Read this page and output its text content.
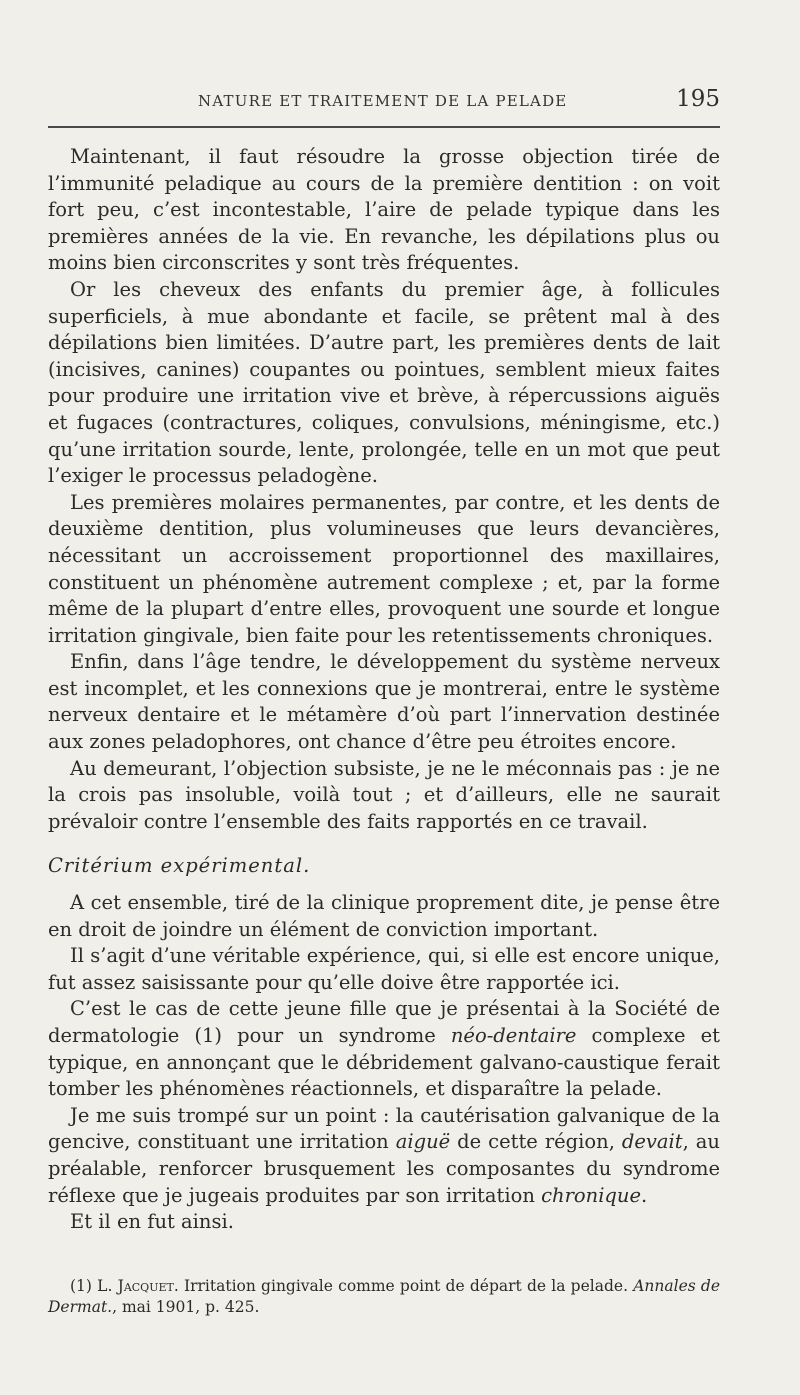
NATURE ET TRAITEMENT DE LA PELADE	195

Maintenant, il faut résoudre la grosse objection tirée de l’immunité peladique au cours de la première dentition : on voit fort peu, c’est incontestable, l’aire de pelade typique dans les premières années de la vie. En revanche, les dépilations plus ou moins bien circonscrites y sont très fréquentes.

Or les cheveux des enfants du premier âge, à follicules superficiels, à mue abondante et facile, se prêtent mal à des dépilations bien limitées. D’autre part, les premières dents de lait (incisives, canines) coupantes ou pointues, semblent mieux faites pour produire une irritation vive et brève, à répercussions aiguës et fugaces (contractures, coliques, convulsions, méningisme, etc.) qu’une irritation sourde, lente, prolongée, telle en un mot que peut l’exiger le processus peladogène.

Les premières molaires permanentes, par contre, et les dents de deuxième dentition, plus volumineuses que leurs devancières, nécessitant un accroissement proportionnel des maxillaires, constituent un phénomène autrement complexe ; et, par la forme même de la plupart d’entre elles, provoquent une sourde et longue irritation gingivale, bien faite pour les retentissements chroniques.

Enfin, dans l’âge tendre, le développement du système nerveux est incomplet, et les connexions que je montrerai, entre le système nerveux dentaire et le métamère d’où part l’innervation destinée aux zones peladophores, ont chance d’être peu étroites encore.

Au demeurant, l’objection subsiste, je ne le méconnais pas : je ne la crois pas insoluble, voilà tout ; et d’ailleurs, elle ne saurait prévaloir contre l’ensemble des faits rapportés en ce travail.

Critérium expérimental.

A cet ensemble, tiré de la clinique proprement dite, je pense être en droit de joindre un élément de conviction important.

Il s’agit d’une véritable expérience, qui, si elle est encore unique, fut assez saisissante pour qu’elle doive être rapportée ici.

C’est le cas de cette jeune fille que je présentai à la Société de dermatologie (1) pour un syndrome néo-dentaire complexe et typique, en annonçant que le débridement galvano-caustique ferait tomber les phénomènes réactionnels, et disparaître la pelade.

Je me suis trompé sur un point : la cautérisation galvanique de la gencive, constituant une irritation aiguë de cette région, devait, au préalable, renforcer brusquement les composantes du syndrome réflexe que je jugeais produites par son irritation chronique.

Et il en fut ainsi.

(1) L. Jacquet. Irritation gingivale comme point de départ de la pelade. Annales de Dermat., mai 1901, p. 425.
